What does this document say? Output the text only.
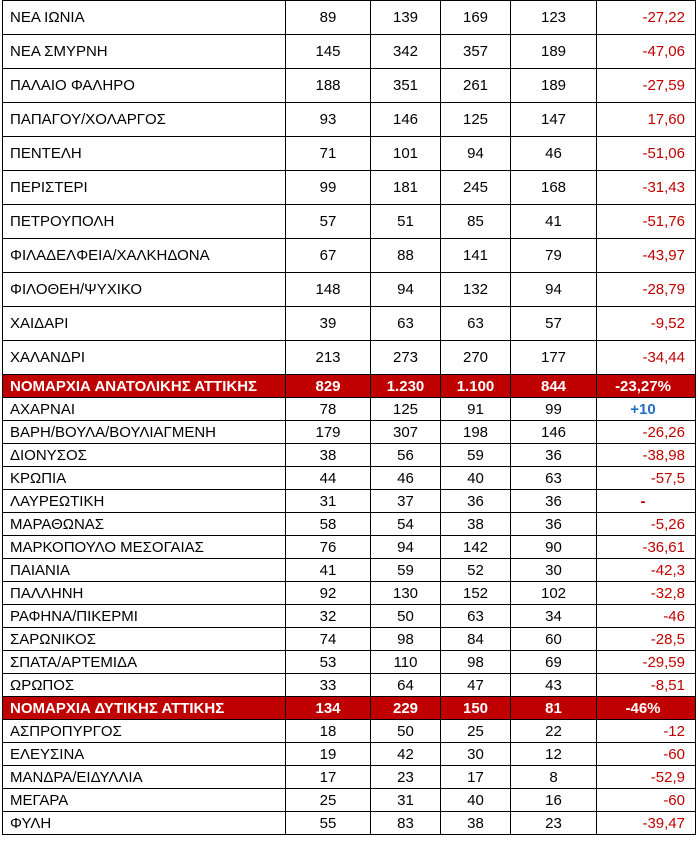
ΝΕΑ ΙΩΝΙΑ	89	139	169	123	-27,22
ΝΕΑ ΣΜΥΡΝΗ	145	342	357	189	-47,06
ΠΑΛΑΙΟ ΦΑΛΗΡΟ	188	351	261	189	-27,59
ΠΑΠΑΓΟΥ/ΧΟΛΑΡΓΟΣ	93	146	125	147	17,60
ΠΕΝΤΕΛΗ	71	101	94	46	-51,06
ΠΕΡΙΣΤΕΡΙ	99	181	245	168	-31,43
ΠΕΤΡΟΥΠΟΛΗ	57	51	85	41	-51,76
ΦΙΛΑΔΕΛΦΕΙΑ/ΧΑΛΚΗΔΟΝΑ	67	88	141	79	-43,97
ΦΙΛΟΘΕΗ/ΨΥΧΙΚΟ	148	94	132	94	-28,79
ΧΑΙΔΑΡΙ	39	63	63	57	-9,52
ΧΑΛΑΝΔΡΙ	213	273	270	177	-34,44
ΝΟΜΑΡΧΙΑ ΑΝΑΤΟΛΙΚΗΣ ΑΤΤΙΚΗΣ	829	1.230	1.100	844	-23,27%
ΑΧΑΡΝΑΙ	78	125	91	99	+10
ΒΑΡΗ/ΒΟΥΛΑ/ΒΟΥΛΙΑΓΜΕΝΗ	179	307	198	146	-26,26
ΔΙΟΝΥΣΟΣ	38	56	59	36	-38,98
ΚΡΩΠΙΑ	44	46	40	63	-57,5
ΛΑΥΡΕΩΤΙΚΗ	31	37	36	36	-
ΜΑΡΑΘΩΝΑΣ	58	54	38	36	-5,26
ΜΑΡΚΟΠΟΥΛΟ ΜΕΣΟΓΑΙΑΣ	76	94	142	90	-36,61
ΠΑΙΑΝΙΑ	41	59	52	30	-42,3
ΠΑΛΛΗΝΗ	92	130	152	102	-32,8
ΡΑΦΗΝΑ/ΠΙΚΕΡΜΙ	32	50	63	34	-46
ΣΑΡΩΝΙΚΟΣ	74	98	84	60	-28,5
ΣΠΑΤΑ/ΑΡΤΕΜΙΔΑ	53	110	98	69	-29,59
ΩΡΩΠΟΣ	33	64	47	43	-8,51
ΝΟΜΑΡΧΙΑ ΔΥΤΙΚΗΣ ΑΤΤΙΚΗΣ	134	229	150	81	-46%
ΑΣΠΡΟΠΥΡΓΟΣ	18	50	25	22	-12
ΕΛΕΥΣΙΝΑ	19	42	30	12	-60
ΜΑΝΔΡΑ/ΕΙΔΥΛΛΙΑ	17	23	17	8	-52,9
ΜΕΓΑΡΑ	25	31	40	16	-60
ΦΥΛΗ	55	83	38	23	-39,47
